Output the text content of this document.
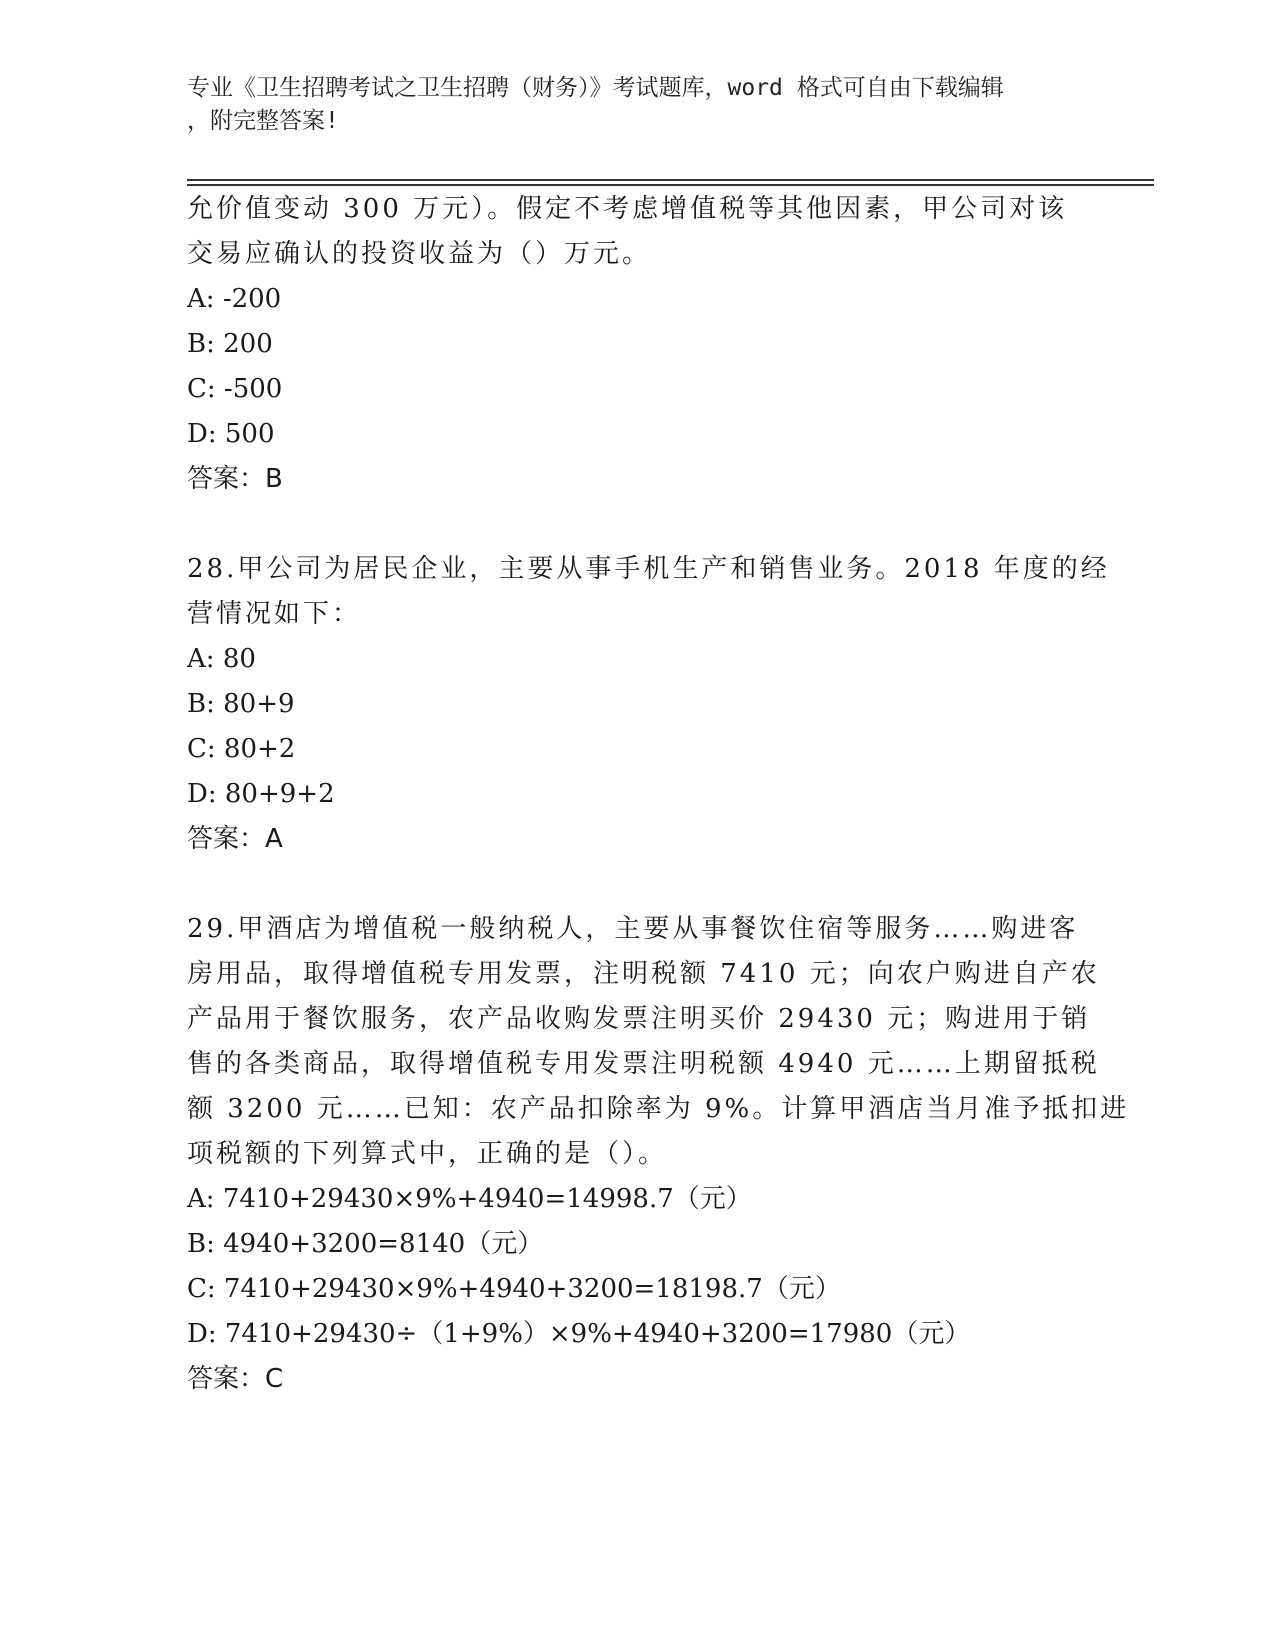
专业《卫生招聘考试之卫生招聘（财务）》考试题库，word 格式可自由下载编辑
，附完整答案!
允价值变动 300 万元）。假定不考虑增值税等其他因素，甲公司对该
交易应确认的投资收益为（）万元。
A: -200
B: 200
C: -500
D: 500
答案：B
28.甲公司为居民企业，主要从事手机生产和销售业务。2018 年度的经
营情况如下：
A: 80
B: 80+9
C: 80+2
D: 80+9+2
答案：A
29.甲酒店为增值税一般纳税人，主要从事餐饮住宿等服务……购进客
房用品，取得增值税专用发票，注明税额 7410 元；向农户购进自产农
产品用于餐饮服务，农产品收购发票注明买价 29430 元；购进用于销
售的各类商品，取得增值税专用发票注明税额 4940 元……上期留抵税
额 3200 元……已知：农产品扣除率为 9%。计算甲酒店当月准予抵扣进
项税额的下列算式中，正确的是（）。
A: 7410+29430×9%+4940=14998.7（元）
B: 4940+3200=8140（元）
C: 7410+29430×9%+4940+3200=18198.7（元）
D: 7410+29430÷（1+9%）×9%+4940+3200=17980（元）
答案：C
